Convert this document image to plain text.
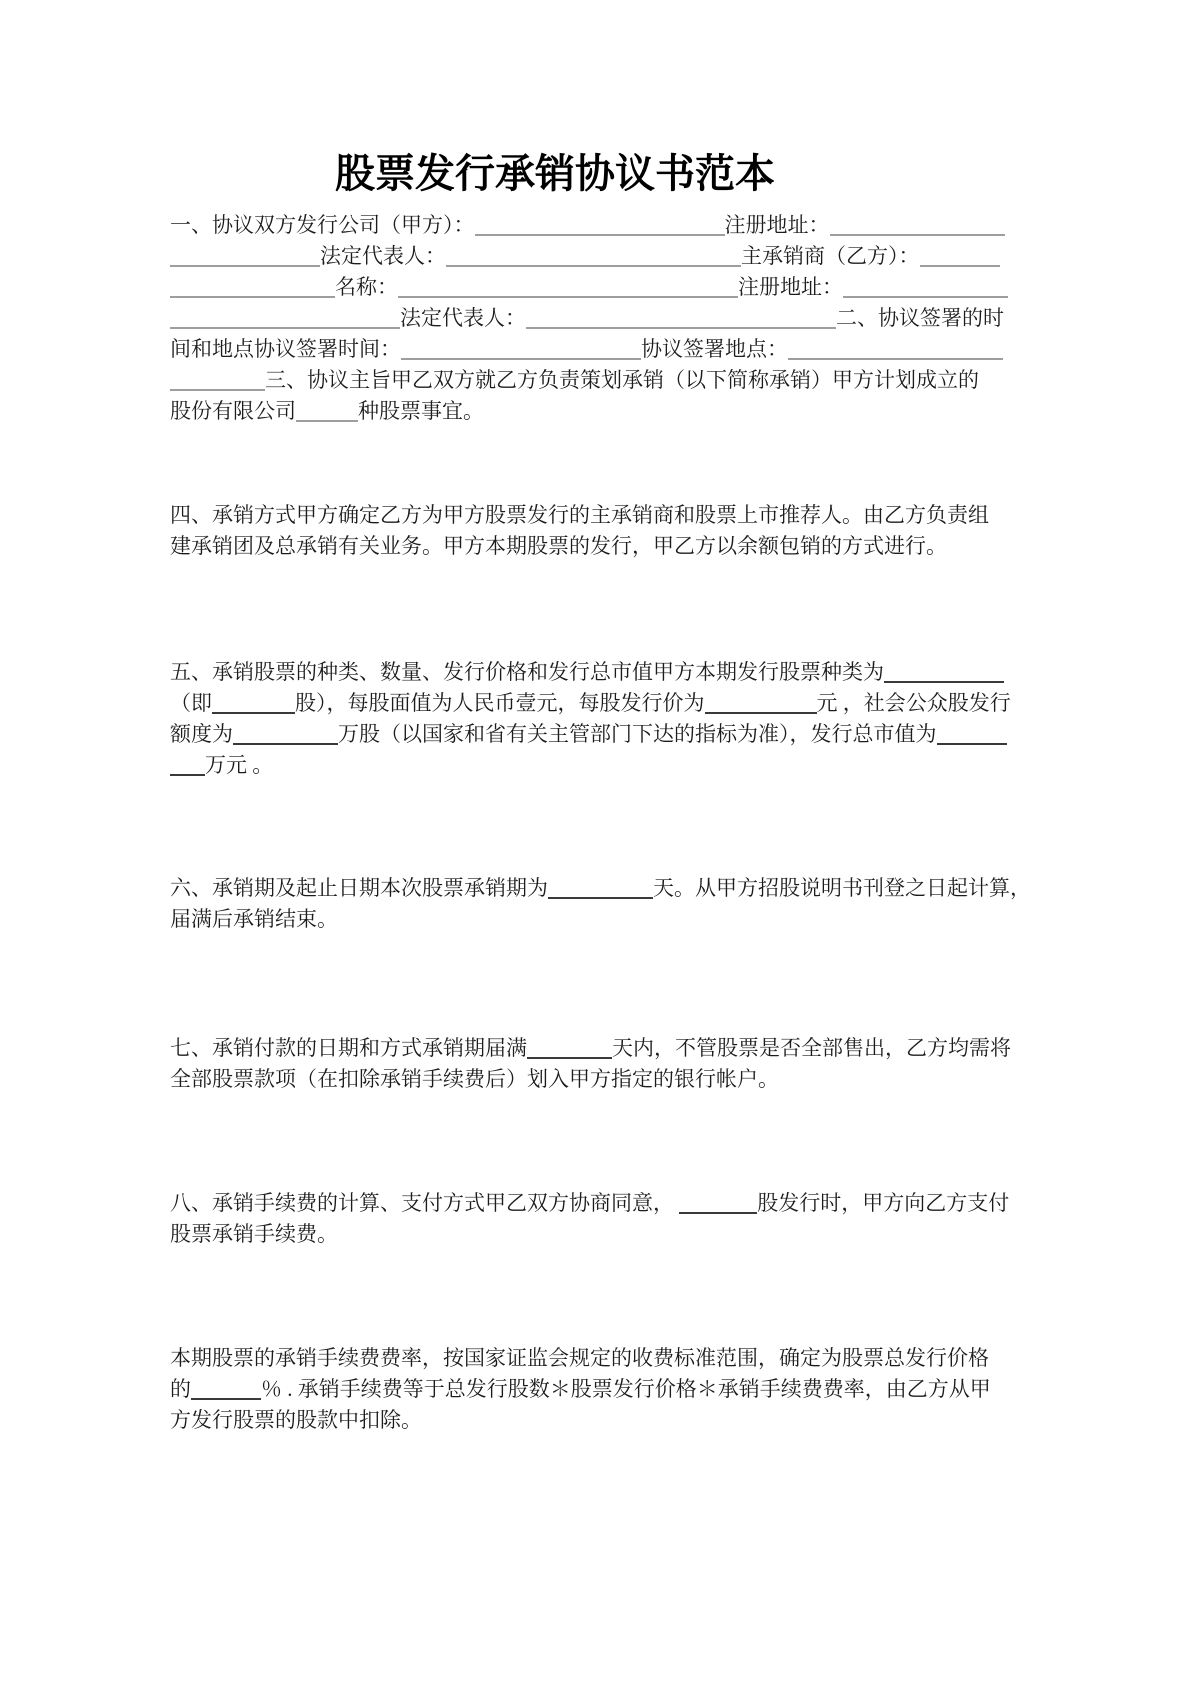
股票发行承销协议书范本
一、协议双方发行公司（甲方）：	注册地址：
法定代表人：	主承销商（乙方）：
名称：	注册地址：
法定代表人：	二、协议签署的时
间和地点协议签署时间：	协议签署地点：
三、协议主旨甲乙双方就乙方负责策划承销（以下简称承销）甲方计划成立的
股份有限公司	种股票事宜。
四、承销方式甲方确定乙方为甲方股票发行的主承销商和股票上市推荐人。由乙方负责组
建承销团及总承销有关业务。甲方本期股票的发行，甲乙方以余额包销的方式进行。
五、承销股票的种类、数量、发行价格和发行总市值甲方本期发行股票种类为
（即	股），每股面值为人民币壹元，每股发行价为	元 ，社会公众股发行
额度为	万股（以国家和省有关主管部门下达的指标为准），发行总市值为
万元 。
六、承销期及起止日期本次股票承销期为	天。从甲方招股说明书刊登之日起计算，
届满后承销结束。
七、承销付款的日期和方式承销期届满	天内，不管股票是否全部售出，乙方均需将
全部股票款项（在扣除承销手续费后）划入甲方指定的银行帐户。
八、承销手续费的计算、支付方式甲乙双方协商同意，	股发行时，甲方向乙方支付
股票承销手续费。
本期股票的承销手续费费率，按国家证监会规定的收费标准范围，确定为股票总发行价格
的	％ . 承销手续费等于总发行股数＊股票发行价格＊承销手续费费率，由乙方从甲
方发行股票的股款中扣除。
